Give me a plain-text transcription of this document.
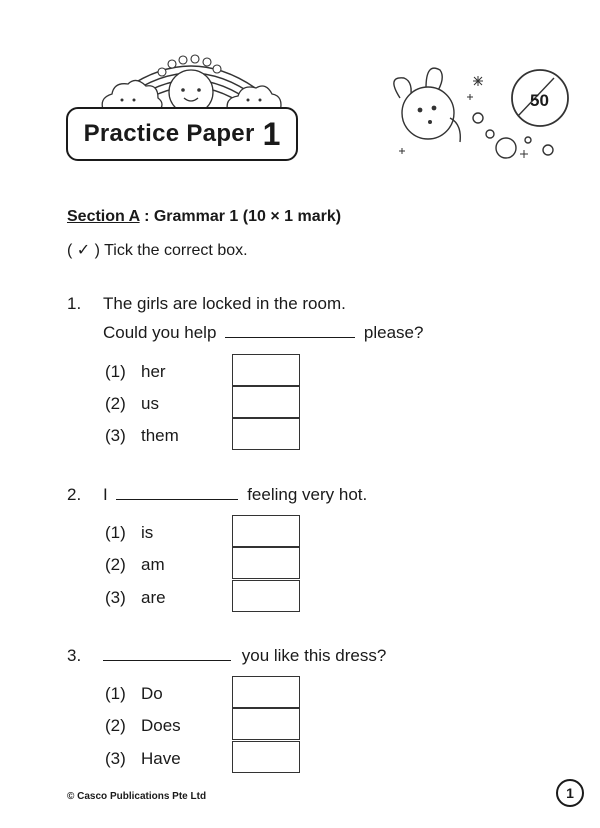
Practice Paper 1
50
Section A : Grammar 1 (10 × 1 mark)
( ✓ ) Tick the correct box.
1. The girls are locked in the room.
Could you help	please?
(1) her
(2) us
(3) them
2. I	feeling very hot.
(1) is
(2) am
(3) are
3.	you like this dress?
(1) Do
(2) Does
(3) Have
© Casco Publications Pte Ltd	1
